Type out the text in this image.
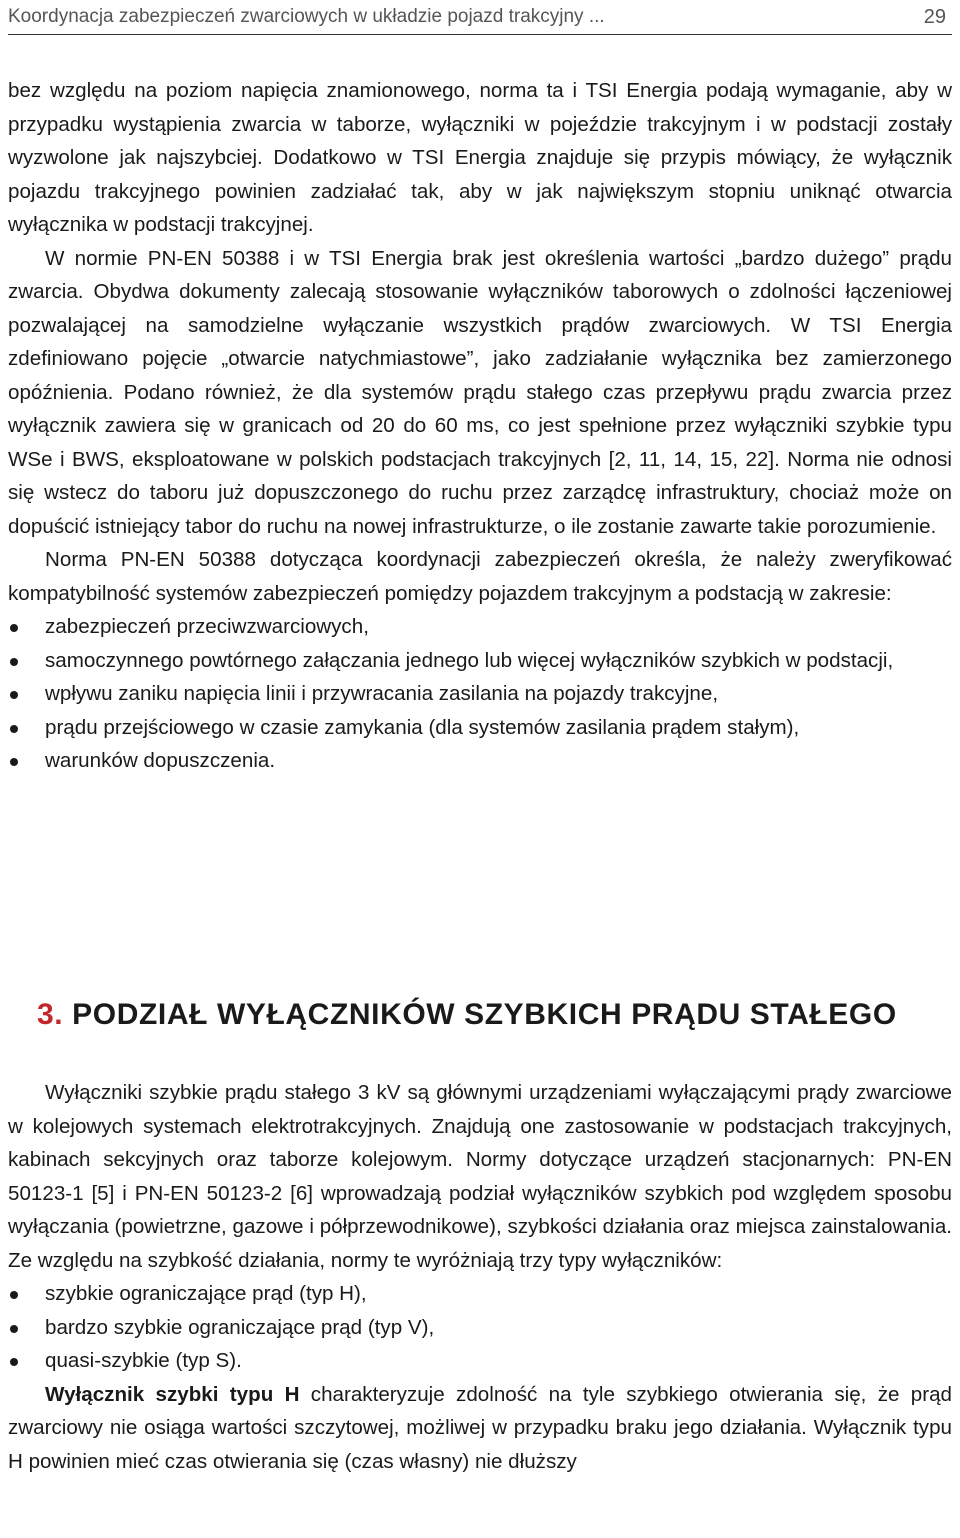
Koordynacja zabezpieczeń zwarciowych w układzie pojazd trakcyjny ...	29

bez względu na poziom napięcia znamionowego, norma ta i TSI Energia podają wymaganie, aby w przypadku wystąpienia zwarcia w taborze, wyłączniki w pojeździe trakcyjnym i w podstacji zostały wyzwolone jak najszybciej. Dodatkowo w TSI Energia znajduje się przypis mówiący, że wyłącznik pojazdu trakcyjnego powinien zadziałać tak, aby w jak największym stopniu uniknąć otwarcia wyłącznika w podstacji trakcyjnej.

W normie PN-EN 50388 i w TSI Energia brak jest określenia wartości „bardzo dużego” prądu zwarcia. Obydwa dokumenty zalecają stosowanie wyłączników taborowych o zdolności łączeniowej pozwalającej na samodzielne wyłączanie wszystkich prądów zwarciowych. W TSI Energia zdefiniowano pojęcie „otwarcie natychmiastowe”, jako zadziałanie wyłącznika bez zamierzonego opóźnienia. Podano również, że dla systemów prądu stałego czas przepływu prądu zwarcia przez wyłącznik zawiera się w granicach od 20 do 60 ms, co jest spełnione przez wyłączniki szybkie typu WSe i BWS, eksploatowane w polskich podstacjach trakcyjnych [2, 11, 14, 15, 22]. Norma nie odnosi się wstecz do taboru już dopuszczonego do ruchu przez zarządcę infrastruktury, chociaż może on dopuścić istniejący tabor do ruchu na nowej infrastrukturze, o ile zostanie zawarte takie porozumienie.

Norma PN-EN 50388 dotycząca koordynacji zabezpieczeń określa, że należy zweryfikować kompatybilność systemów zabezpieczeń pomiędzy pojazdem trakcyjnym a podstacją w zakresie:

zabezpieczeń przeciwzwarciowych,
samoczynnego powtórnego załączania jednego lub więcej wyłączników szybkich w podstacji,
wpływu zaniku napięcia linii i przywracania zasilania na pojazdy trakcyjne,
prądu przejściowego w czasie zamykania (dla systemów zasilania prądem stałym),
warunków dopuszczenia.
3. PODZIAŁ WYŁĄCZNIKÓW SZYBKICH PRĄDU STAŁEGO

Wyłączniki szybkie prądu stałego 3 kV są głównymi urządzeniami wyłączającymi prądy zwarciowe w kolejowych systemach elektrotrakcyjnych. Znajdują one zastosowanie w podstacjach trakcyjnych, kabinach sekcyjnych oraz taborze kolejowym. Normy dotyczące urządzeń stacjonarnych: PN-EN 50123-1 [5] i PN-EN 50123-2 [6] wprowadzają podział wyłączników szybkich pod względem sposobu wyłączania (powietrzne, gazowe i półprzewodnikowe), szybkości działania oraz miejsca zainstalowania. Ze względu na szybkość działania, normy te wyróżniają trzy typy wyłączników:

szybkie ograniczające prąd (typ H),
bardzo szybkie ograniczające prąd (typ V),
quasi-szybkie (typ S).

Wyłącznik szybki typu H charakteryzuje zdolność na tyle szybkiego otwierania się, że prąd zwarciowy nie osiąga wartości szczytowej, możliwej w przypadku braku jego działania. Wyłącznik typu H powinien mieć czas otwierania się (czas własny) nie dłuższy
